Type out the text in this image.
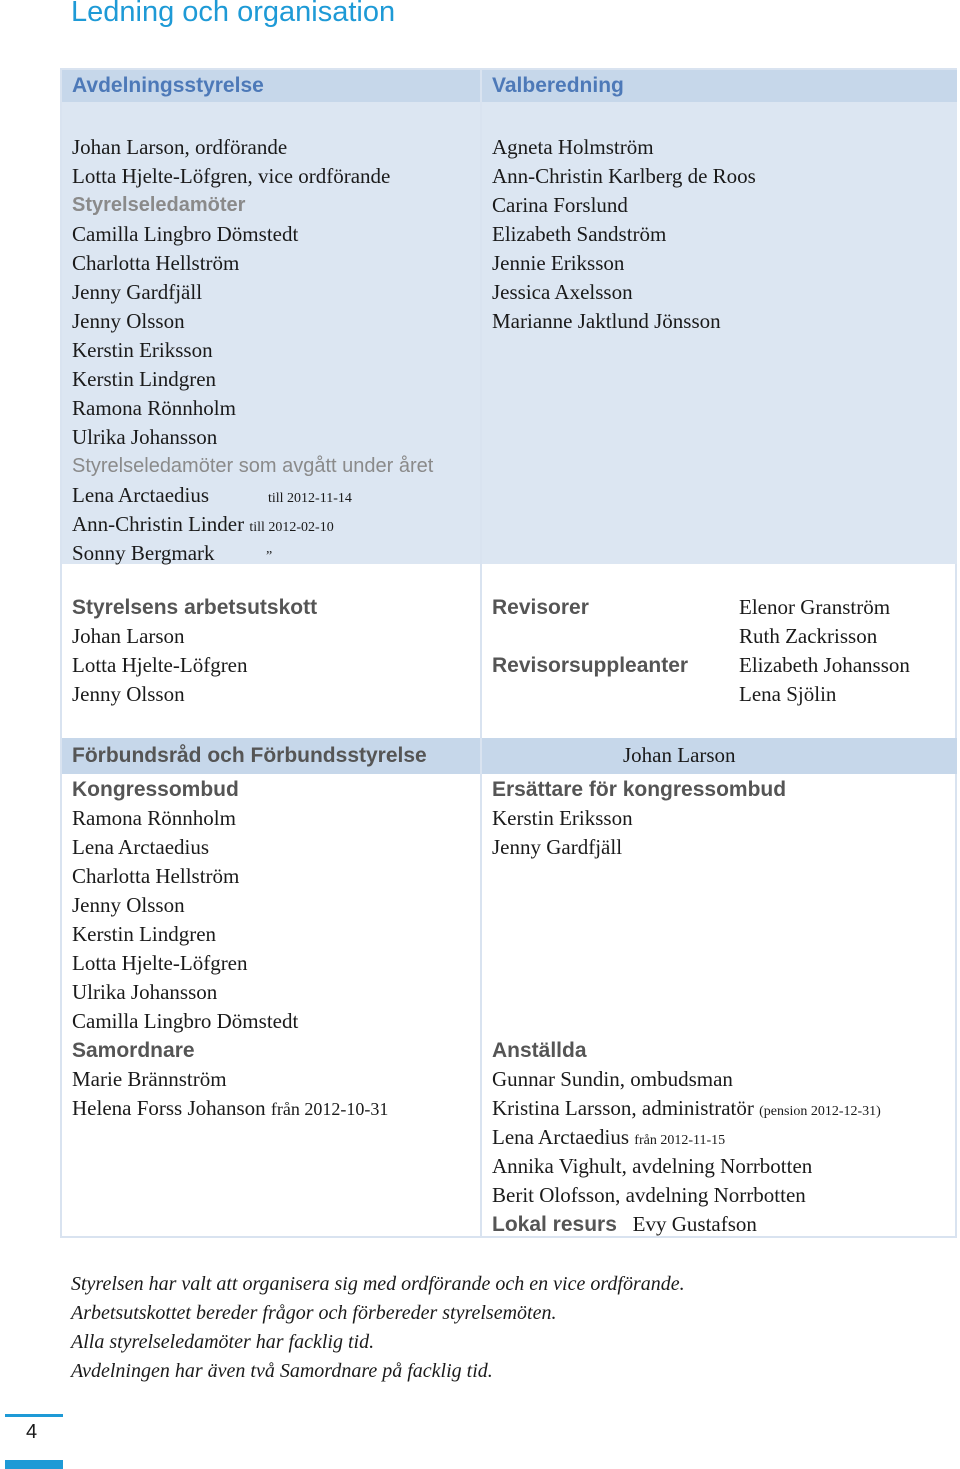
Ledning och organisation
Avdelningsstyrelse
Johan Larson, ordförande
Lotta Hjelte-Löfgren, vice ordförande
Styrelseledamöter
Camilla Lingbro Dömstedt
Charlotta Hellström
Jenny Gardfjäll
Jenny Olsson
Kerstin Eriksson
Kerstin Lindgren
Ramona Rönnholm
Ulrika Johansson
Styrelseledamöter som avgått under året
Lena Arctaedius	till 2012-11-14
Ann-Christin Linder till 2012-02-10
Sonny Bergmark	”
Valberedning
Agneta Holmström
Ann-Christin Karlberg de Roos
Carina Forslund
Elizabeth Sandström
Jennie Eriksson
Jessica Axelsson
Marianne Jaktlund Jönsson
Styrelsens arbetsutskott
Johan Larson
Lotta Hjelte-Löfgren
Jenny Olsson
Revisorer
Revisorsuppleanter
Elenor Granström
Ruth Zackrisson
Elizabeth Johansson
Lena Sjölin
Förbundsråd och Förbundsstyrelse
Kongressombud
Ramona Rönnholm
Lena Arctaedius
Charlotta Hellström
Jenny Olsson
Kerstin Lindgren
Lotta Hjelte-Löfgren
Ulrika Johansson
Camilla Lingbro Dömstedt
Samordnare
Marie Brännström
Helena Forss Johanson från 2012-10-31
Johan Larson
Ersättare för kongressombud
Kerstin Eriksson
Jenny Gardfjäll
Anställda
Gunnar Sundin, ombudsman
Kristina Larsson, administratör (pension 2012-12-31)
Lena Arctaedius från 2012-11-15
Annika Vighult, avdelning Norrbotten
Berit Olofsson, avdelning Norrbotten
Lokal resurs Evy Gustafson
Styrelsen har valt att organisera sig med ordförande och en vice ordförande.
Arbetsutskottet bereder frågor och förbereder styrelsemöten.
Alla styrelseledamöter har facklig tid.
Avdelningen har även två Samordnare på facklig tid.
4
